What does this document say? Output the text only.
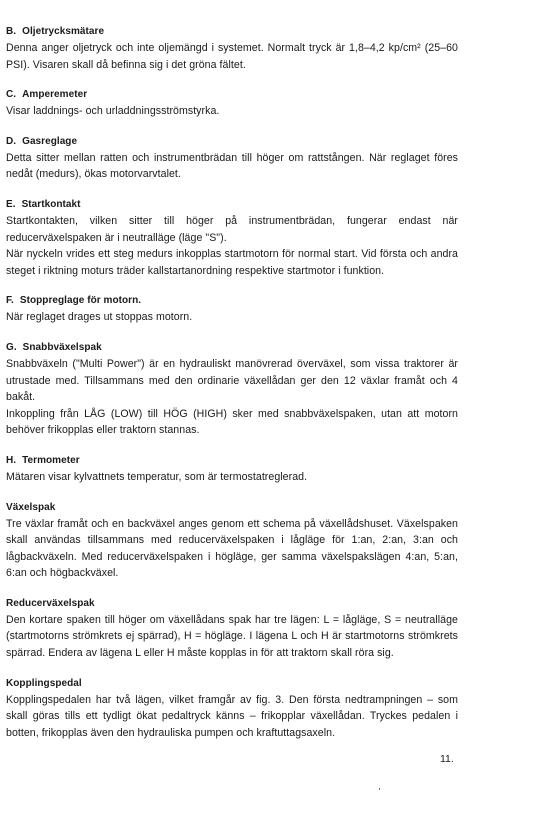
B. Oljetrycksmätare
Denna anger oljetryck och inte oljemängd i systemet. Normalt tryck är 1,8–4,2 kp/cm² (25–60 PSI). Visaren skall då befinna sig i det gröna fältet.
C. Amperemeter
Visar laddnings- och urladdningsströmstyrka.
D. Gasreglage
Detta sitter mellan ratten och instrumentbrädan till höger om rattstången. När reglaget föres nedåt (medurs), ökas motorvarvtalet.
E. Startkontakt
Startkontakten, vilken sitter till höger på instrumentbrädan, fungerar endast när reducerväxelspaken är i neutralläge (läge "S").
När nyckeln vrides ett steg medurs inkopplas startmotorn för normal start. Vid första och andra steget i riktning moturs träder kallstartanordning respektive startmotor i funktion.
F. Stoppreglage för motorn.
När reglaget drages ut stoppas motorn.
G. Snabbväxelspak
Snabbväxeln ("Multi Power") är en hydrauliskt manövrerad överväxel, som vissa traktorer är utrustade med. Tillsammans med den ordinarie växellådan ger den 12 växlar framåt och 4 bakåt.
Inkoppling från LÅG (LOW) till HÖG (HIGH) sker med snabbväxelspaken, utan att motorn behöver frikopplas eller traktorn stannas.
H. Termometer
Mätaren visar kylvattnets temperatur, som är termostatreglerad.
Växelspak
Tre växlar framåt och en backväxel anges genom ett schema på växellådshuset. Växelspaken skall användas tillsammans med reducerväxelspaken i lågläge för 1:an, 2:an, 3:an och lågbackväxeln. Med reducerväxelspaken i högläge, ger samma växelspakslägen 4:an, 5:an, 6:an och högbackväxel.
Reducerväxelspak
Den kortare spaken till höger om växellådans spak har tre lägen: L = lågläge, S = neutralläge (startmotorns strömkrets ej spärrad), H = högläge. I lägena L och H är startmotorns strömkrets spärrad. Endera av lägena L eller H måste kopplas in för att traktorn skall röra sig.
Kopplingspedal
Kopplingspedalen har två lägen, vilket framgår av fig. 3. Den första nedtrampningen – som skall göras tills ett tydligt ökat pedaltryck känns – frikopplar växellådan. Tryckes pedalen i botten, frikopplas även den hydrauliska pumpen och kraftuttagsaxeln.
11.
